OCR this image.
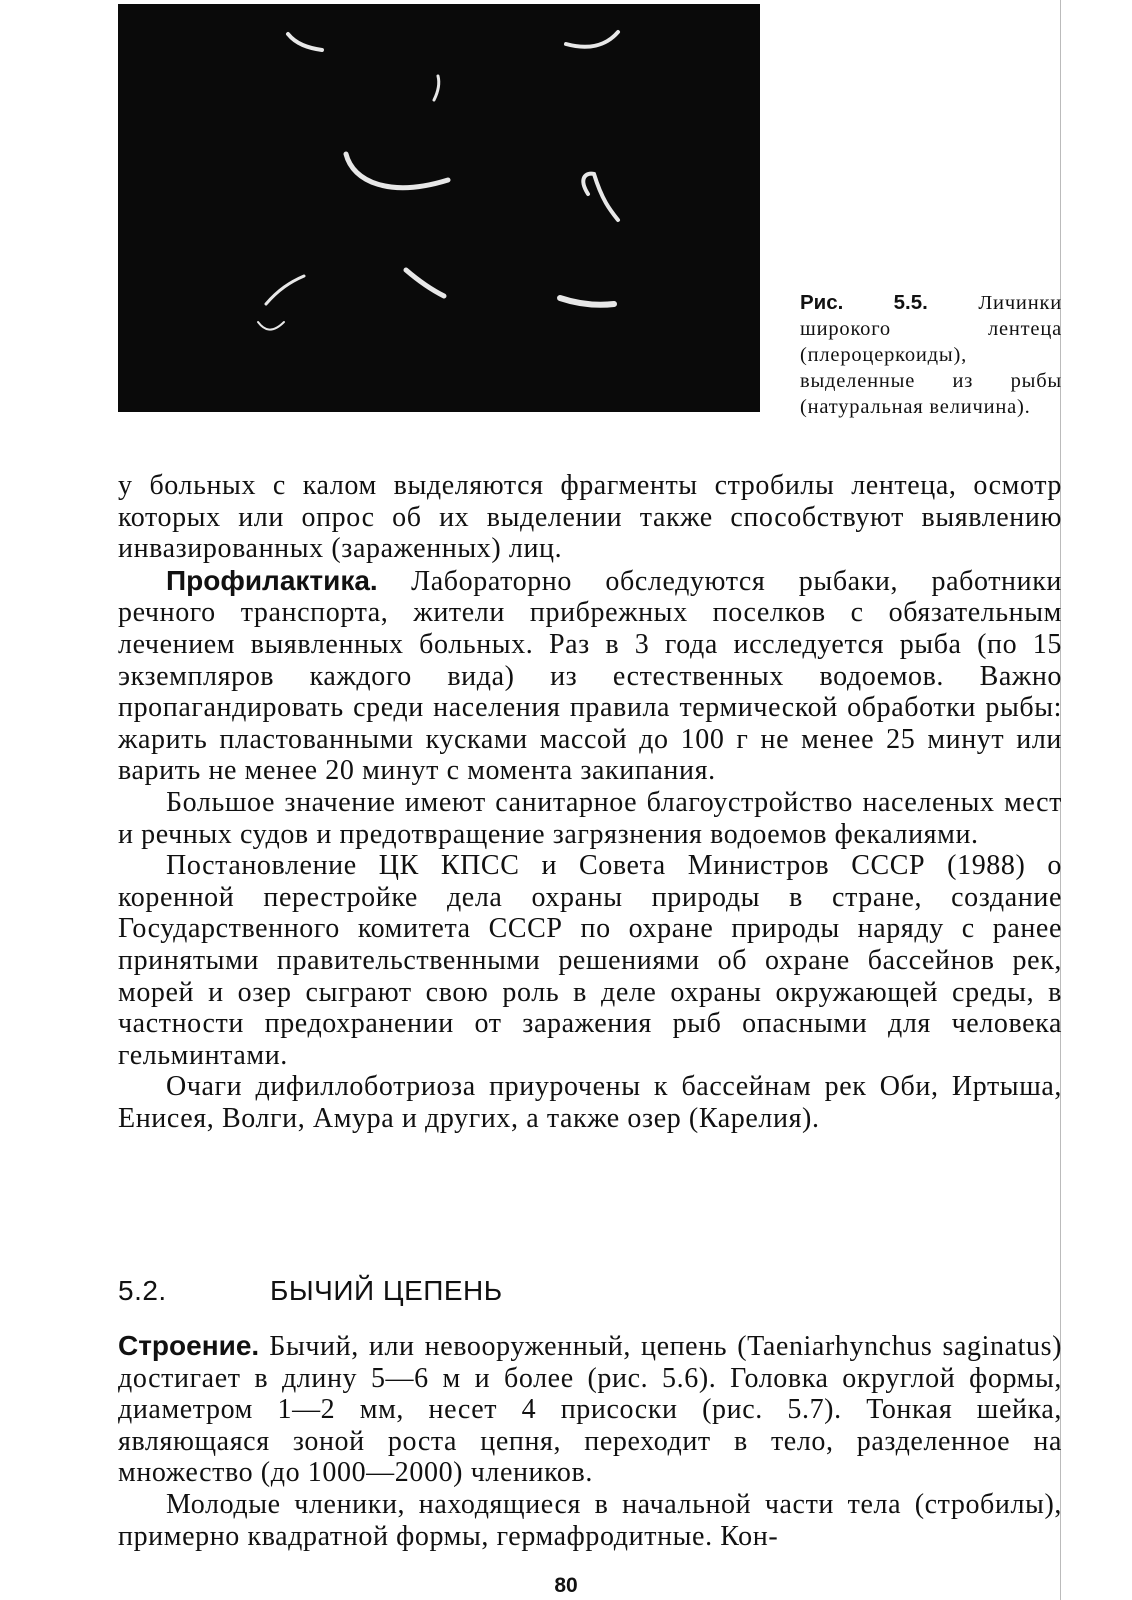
Рис. 5.5. Личинки широкого лентеца (плероцеркоиды), выделенные из рыбы (натуральная величина).

у больных с калом выделяются фрагменты стробилы лентеца, осмотр которых или опрос об их выделении также способствуют выявлению инвазированных (зараженных) лиц.

Профилактика. Лабораторно обследуются рыбаки, работники речного транспорта, жители прибрежных поселков с обязательным лечением выявленных больных. Раз в 3 года исследуется рыба (по 15 экземпляров каждого вида) из естественных водоемов. Важно пропагандировать среди населения правила термической обработки рыбы: жарить пластованными кусками массой до 100 г не менее 25 минут или варить не менее 20 минут с момента закипания.

Большое значение имеют санитарное благоустройство населеных мест и речных судов и предотвращение загрязнения водоемов фекалиями.

Постановление ЦК КПСС и Совета Министров СССР (1988) о коренной перестройке дела охраны природы в стране, создание Государственного комитета СССР по охране природы наряду с ранее принятыми правительственными решениями об охране бассейнов рек, морей и озер сыграют свою роль в деле охраны окружающей среды, в частности предохранении от заражения рыб опасными для человека гельминтами.

Очаги дифиллоботриоза приурочены к бассейнам рек Оби, Иртыша, Енисея, Волги, Амура и других, а также озер (Карелия).

5.2.	БЫЧИЙ ЦЕПЕНЬ

Строение. Бычий, или невооруженный, цепень (Taeniarhynchus saginatus) достигает в длину 5—6 м и более (рис. 5.6). Головка округлой формы, диаметром 1—2 мм, несет 4 присоски (рис. 5.7). Тонкая шейка, являющаяся зоной роста цепня, переходит в тело, разделенное на множество (до 1000—2000) члеников.

Молодые членики, находящиеся в начальной части тела (стробилы), примерно квадратной формы, гермафродитные. Кон-

80
